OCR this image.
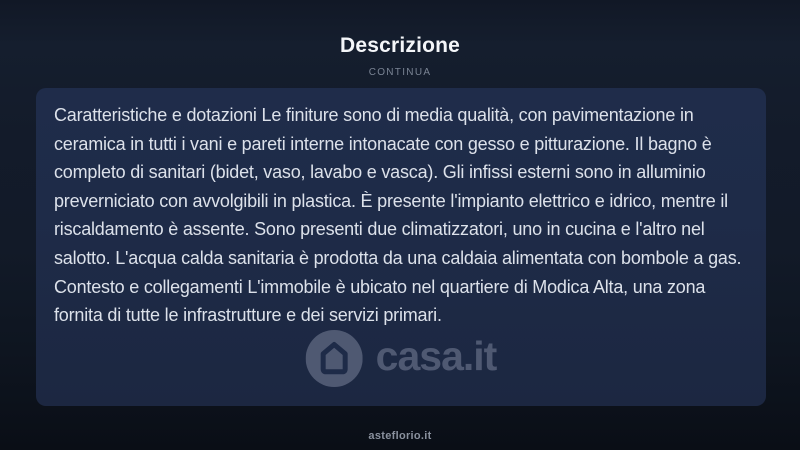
Descrizione
CONTINUA

Caratteristiche e dotazioni Le finiture sono di media qualità, con pavimentazione in ceramica in tutti i vani e pareti interne intonacate con gesso e pitturazione. Il bagno è completo di sanitari (bidet, vaso, lavabo e vasca). Gli infissi esterni sono in alluminio preverniciato con avvolgibili in plastica. È presente l'impianto elettrico e idrico, mentre il riscaldamento è assente. Sono presenti due climatizzatori, uno in cucina e l'altro nel salotto. L'acqua calda sanitaria è prodotta da una caldaia alimentata con bombole a gas. Contesto e collegamenti L'immobile è ubicato nel quartiere di Modica Alta, una zona fornita di tutte le infrastrutture e dei servizi primari.

casa.it
asteflorio.it
